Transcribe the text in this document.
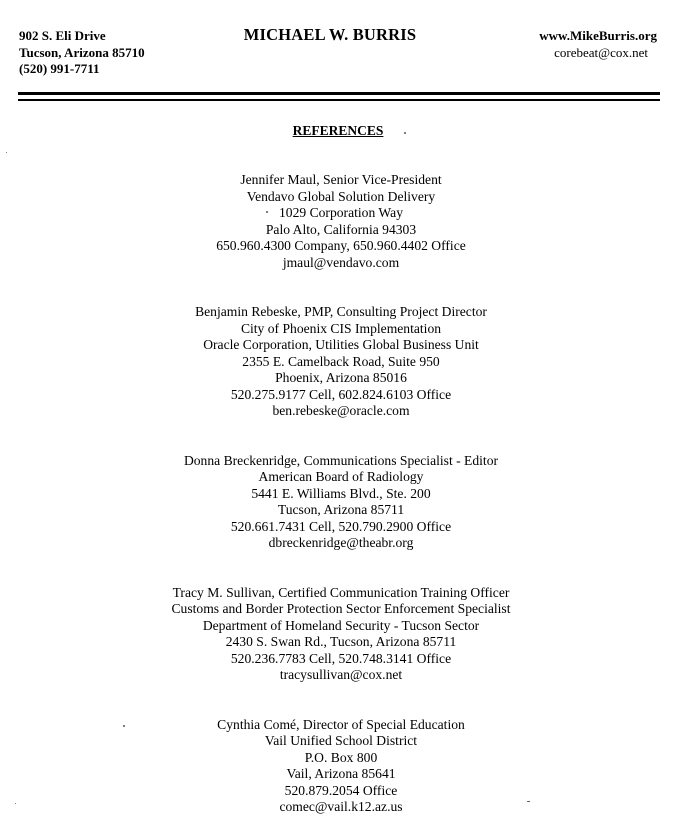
902 S. Eli Drive
Tucson, Arizona 85710
(520) 991-7711
MICHAEL W. BURRIS	www.MikeBurris.org
corebeat@cox.net
REFERENCES
Jennifer Maul, Senior Vice-President
Vendavo Global Solution Delivery
1029 Corporation Way
Palo Alto, California 94303
650.960.4300 Company, 650.960.4402 Office
jmaul@vendavo.com
Benjamin Rebeske, PMP, Consulting Project Director
City of Phoenix CIS Implementation
Oracle Corporation, Utilities Global Business Unit
2355 E. Camelback Road, Suite 950
Phoenix, Arizona 85016
520.275.9177 Cell, 602.824.6103 Office
ben.rebeske@oracle.com
Donna Breckenridge, Communications Specialist - Editor
American Board of Radiology
5441 E. Williams Blvd., Ste. 200
Tucson, Arizona 85711
520.661.7431 Cell, 520.790.2900 Office
dbreckenridge@theabr.org
Tracy M. Sullivan, Certified Communication Training Officer
Customs and Border Protection Sector Enforcement Specialist
Department of Homeland Security - Tucson Sector
2430 S. Swan Rd., Tucson, Arizona 85711
520.236.7783 Cell, 520.748.3141 Office
tracysullivan@cox.net
Cynthia Comé, Director of Special Education
Vail Unified School District
P.O. Box 800
Vail, Arizona 85641
520.879.2054 Office
comec@vail.k12.az.us
